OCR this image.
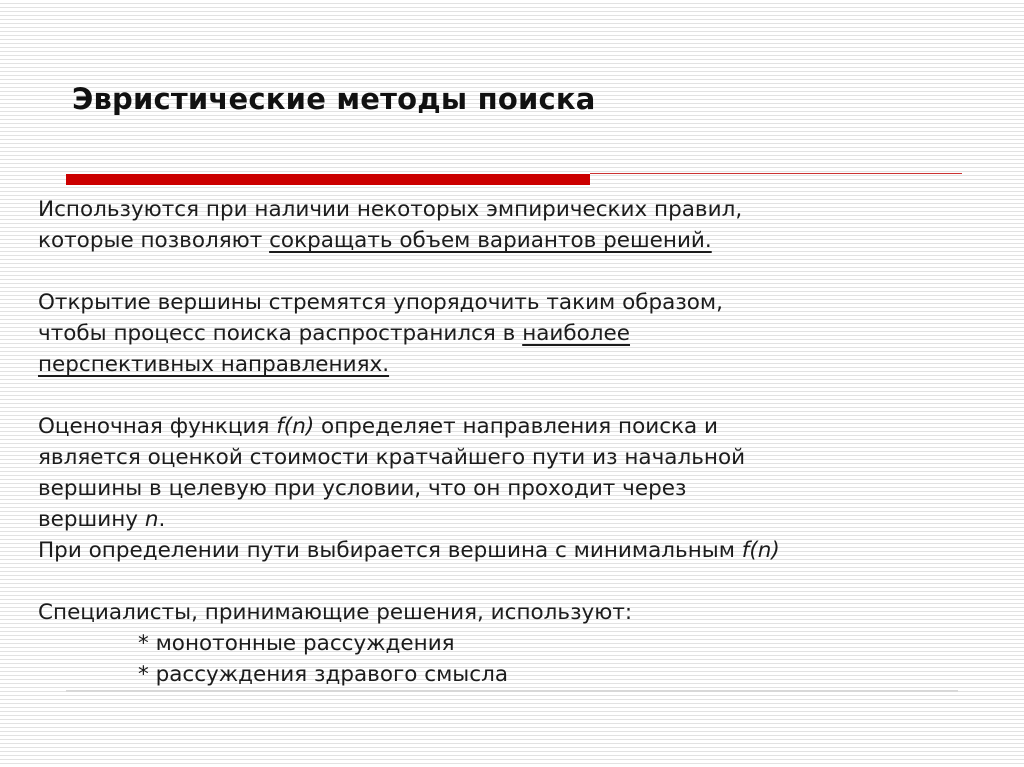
Эвристические методы поиска

Используются при наличии некоторых эмпирических правил,

которые позволяют сокращать объем вариантов решений.

Открытие вершины стремятся упорядочить таким образом,

чтобы процесс поиска распространился в наиболее

перспективных направлениях.

Оценочная функция f(n) определяет направления поиска и

является оценкой стоимости кратчайшего пути из начальной

вершины в целевую при условии, что он проходит через

вершину n.

При определении пути выбирается вершина с минимальным f(n)

Специалисты, принимающие решения, используют:

* монотонные рассуждения

* рассуждения здравого смысла
